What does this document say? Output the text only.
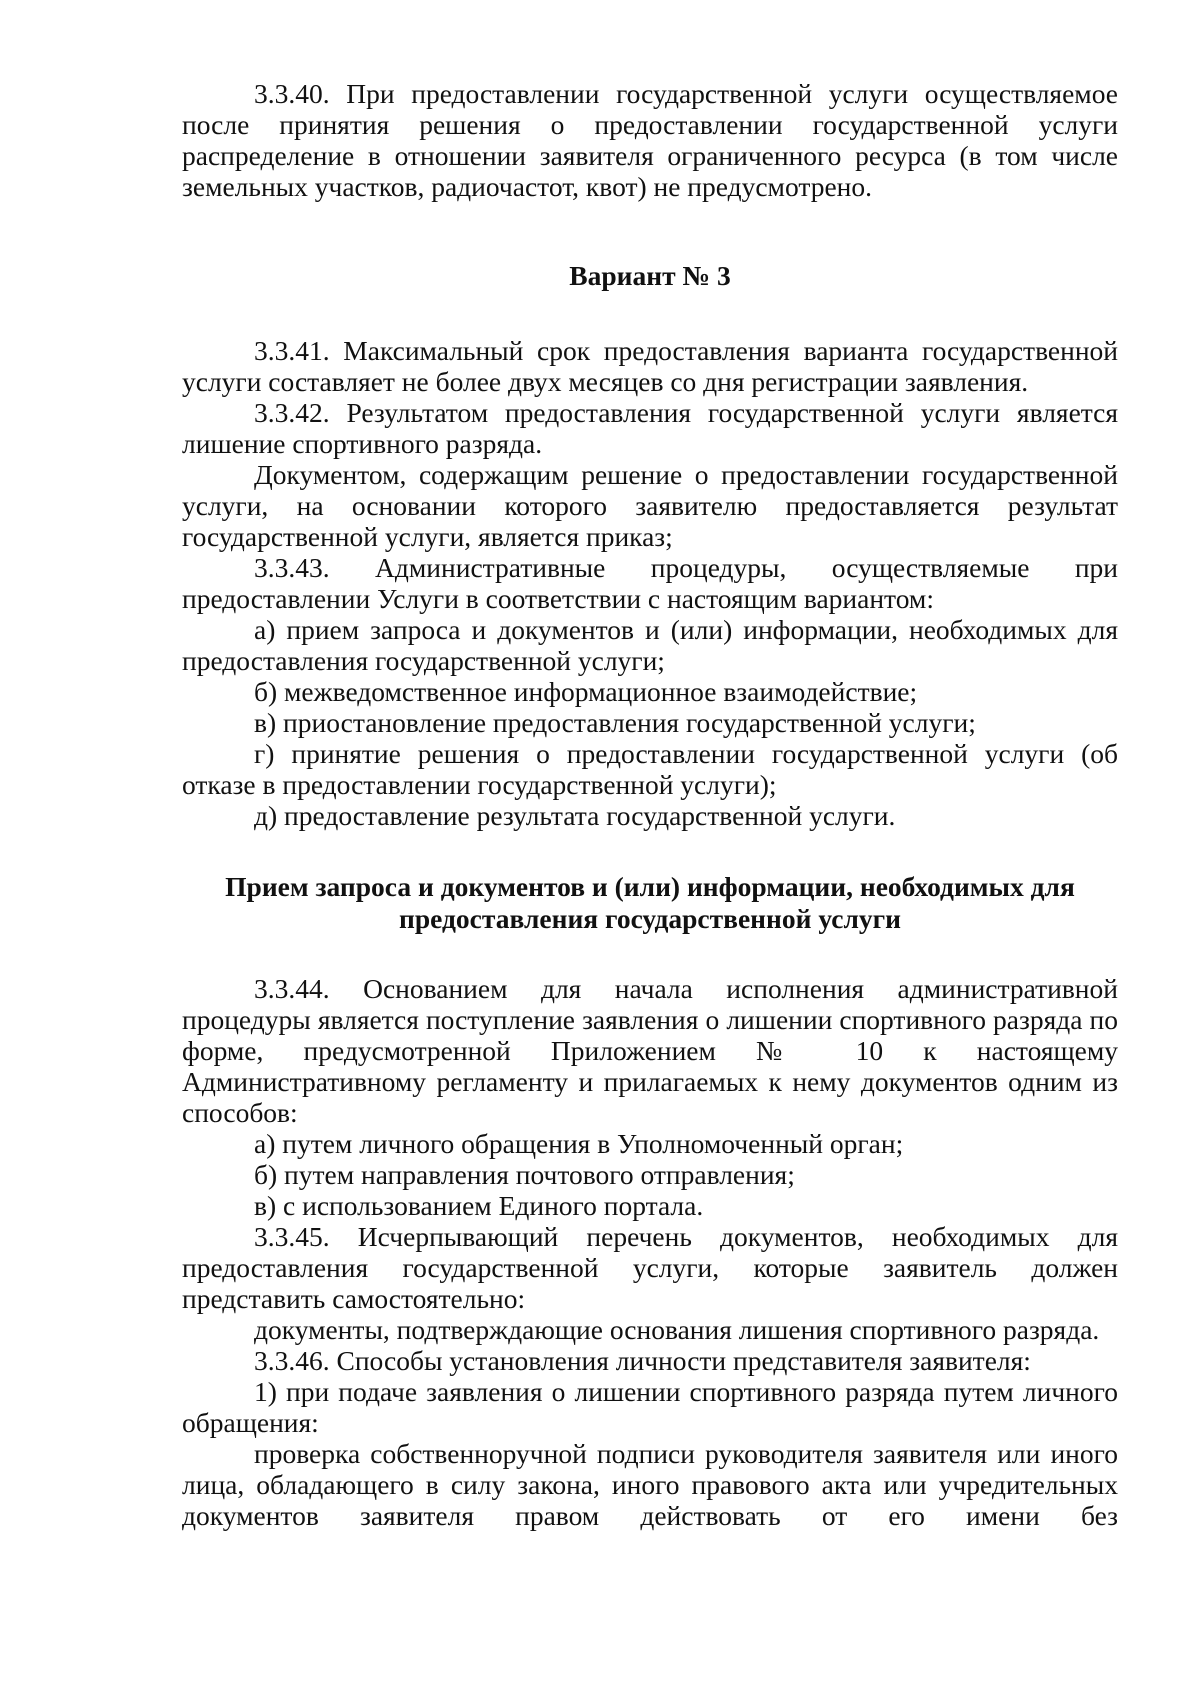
3.3.40. При предоставлении государственной услуги осуществляемое после принятия решения о предоставлении государственной услуги распределение в отношении заявителя ограниченного ресурса (в том числе земельных участков, радиочастот, квот) не предусмотрено.

Вариант № 3

3.3.41. Максимальный срок предоставления варианта государственной услуги составляет не более двух месяцев со дня регистрации заявления.

3.3.42. Результатом предоставления государственной услуги является лишение спортивного разряда.

Документом, содержащим решение о предоставлении государственной услуги, на основании которого заявителю предоставляется результат государственной услуги, является приказ;

3.3.43. Административные процедуры, осуществляемые при предоставлении Услуги в соответствии с настоящим вариантом:

а) прием запроса и документов и (или) информации, необходимых для предоставления государственной услуги;

б) межведомственное информационное взаимодействие;

в) приостановление предоставления государственной услуги;

г) принятие решения о предоставлении государственной услуги (об отказе в предоставлении государственной услуги);

д) предоставление результата государственной услуги.

Прием запроса и документов и (или) информации, необходимых для
предоставления государственной услуги

3.3.44. Основанием для начала исполнения административной процедуры является поступление заявления о лишении спортивного разряда по форме, предусмотренной Приложением № 10 к настоящему Административному регламенту и прилагаемых к нему документов одним из способов:

а) путем личного обращения в Уполномоченный орган;

б) путем направления почтового отправления;

в) с использованием Единого портала.

3.3.45. Исчерпывающий перечень документов, необходимых для предоставления государственной услуги, которые заявитель должен представить самостоятельно:

документы, подтверждающие основания лишения спортивного разряда.

3.3.46. Способы установления личности представителя заявителя:

1) при подаче заявления о лишении спортивного разряда путем личного обращения:

проверка собственноручной подписи руководителя заявителя или иного лица, обладающего в силу закона, иного правового акта или учредительных документов заявителя правом действовать от его имени без
